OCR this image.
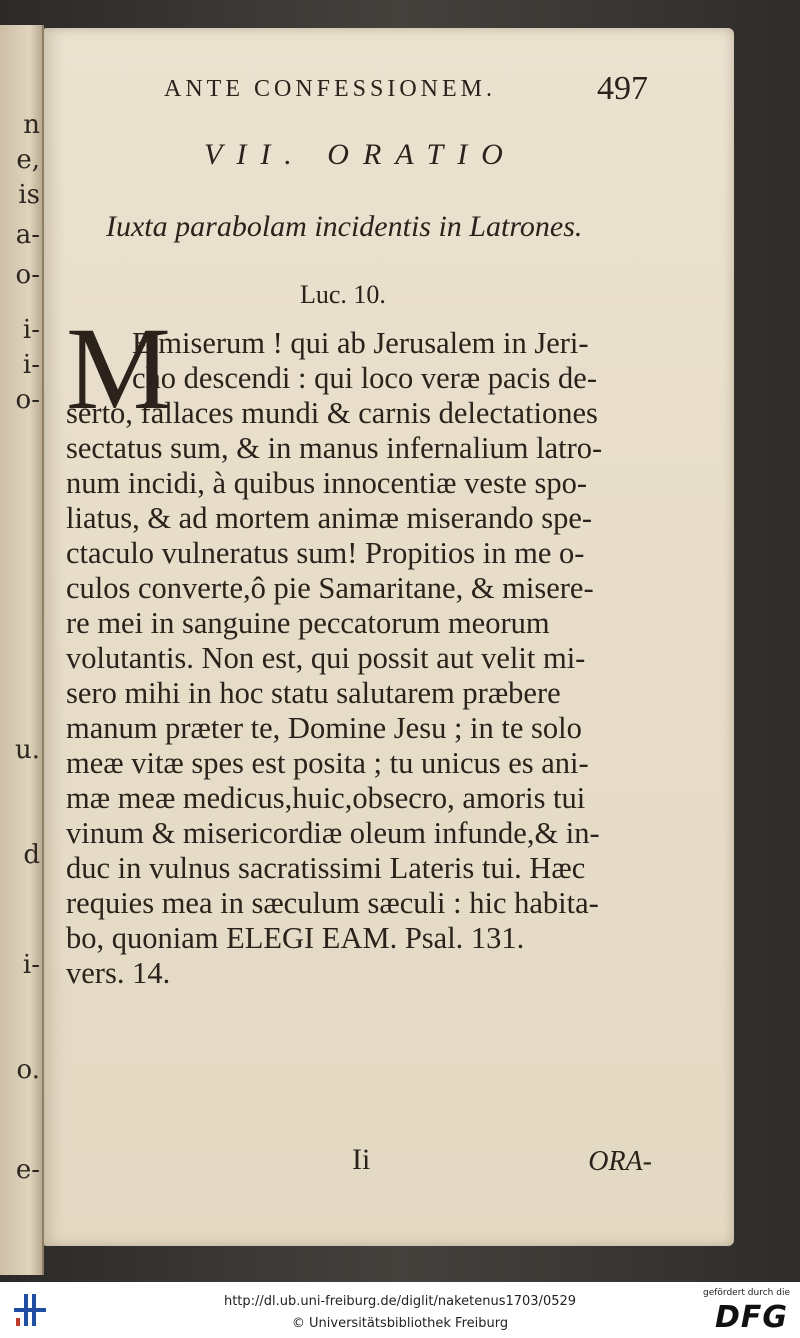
n
e,
is
a-
o-
i-
i-
o-
u.
d
i-
o.
e-
ANTE CONFESSIONEM.	497
VII. ORATIO
Iuxta parabolam incidentis in Latrones.
Luc. 10.
M
E miserum ! qui ab Jerusalem in Jeri-
cho descendi : qui loco veræ pacis de-
serto, fallaces mundi & carnis delectationes
sectatus sum, & in manus infernalium latro-
num incidi, à quibus innocentiæ veste spo-
liatus, & ad mortem animæ miserando spe-
ctaculo vulneratus sum! Propitios in me o-
culos converte,ô pie Samaritane, & misere-
re mei in sanguine peccatorum meorum
volutantis. Non est, qui possit aut velit mi-
sero mihi in hoc statu salutarem præbere
manum præter te, Domine Jesu ; in te solo
meæ vitæ spes est posita ; tu unicus es ani-
mæ meæ medicus,huic,obsecro, amoris tui
vinum & misericordiæ oleum infunde,& in-
duc in vulnus sacratissimi Lateris tui. Hæc
requies mea in sæculum sæculi : hic habita-
bo, quoniam ELEGI EAM. Psal. 131.
vers. 14.
Ii	ORA-
http://dl.ub.uni-freiburg.de/diglit/naketenus1703/0529
© Universitätsbibliothek Freiburg
gefördert durch die
DFG
